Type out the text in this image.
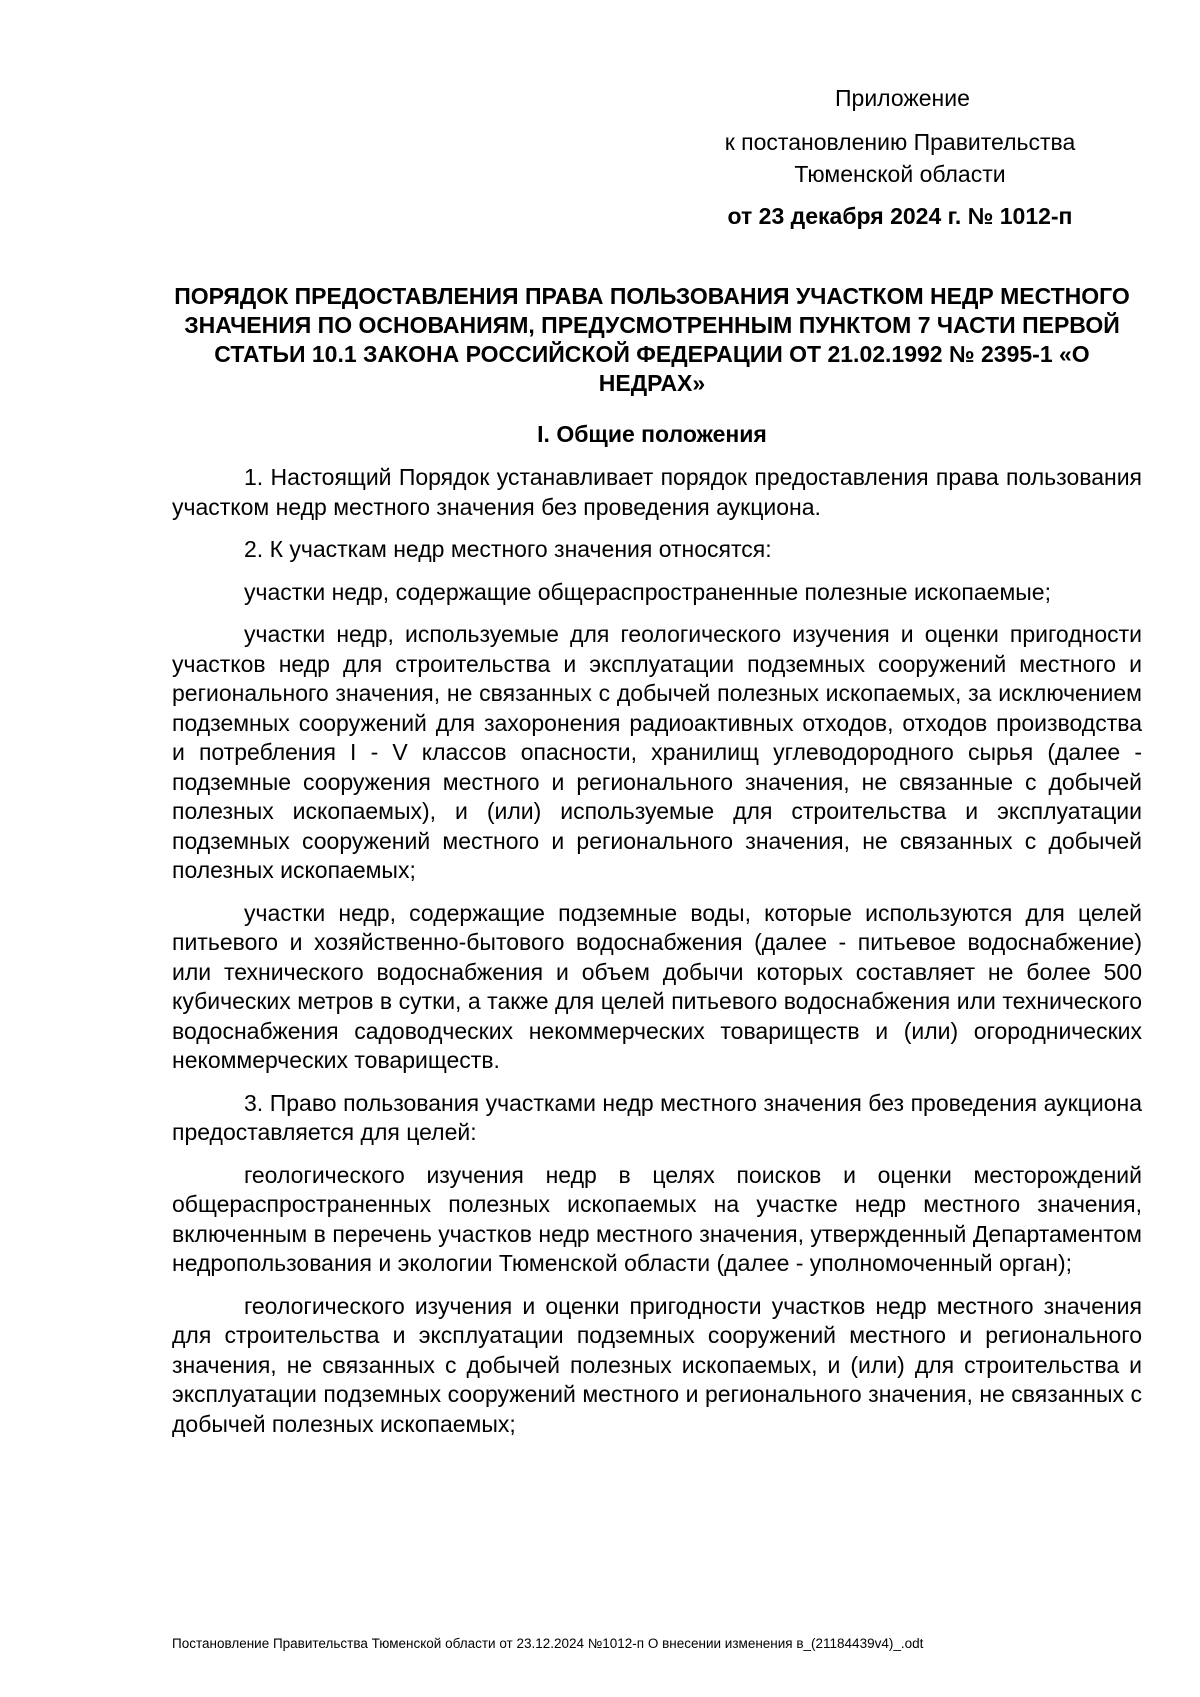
Приложение
к постановлению Правительства Тюменской области
от 23 декабря 2024 г. № 1012-п
ПОРЯДОК ПРЕДОСТАВЛЕНИЯ ПРАВА ПОЛЬЗОВАНИЯ УЧАСТКОМ НЕДР МЕСТНОГО ЗНАЧЕНИЯ ПО ОСНОВАНИЯМ, ПРЕДУСМОТРЕННЫМ ПУНКТОМ 7 ЧАСТИ ПЕРВОЙ СТАТЬИ 10.1 ЗАКОНА РОССИЙСКОЙ ФЕДЕРАЦИИ ОТ 21.02.1992 № 2395-1 «О НЕДРАХ»
I. Общие положения

1. Настоящий Порядок устанавливает порядок предоставления права пользования участком недр местного значения без проведения аукциона.

2. К участкам недр местного значения относятся:

участки недр, содержащие общераспространенные полезные ископаемые;

участки недр, используемые для геологического изучения и оценки пригодности участков недр для строительства и эксплуатации подземных сооружений местного и регионального значения, не связанных с добычей полезных ископаемых, за исключением подземных сооружений для захоронения радиоактивных отходов, отходов производства и потребления I - V классов опасности, хранилищ углеводородного сырья (далее - подземные сооружения местного и регионального значения, не связанные с добычей полезных ископаемых), и (или) используемые для строительства и эксплуатации подземных сооружений местного и регионального значения, не связанных с добычей полезных ископаемых;

участки недр, содержащие подземные воды, которые используются для целей питьевого и хозяйственно-бытового водоснабжения (далее - питьевое водоснабжение) или технического водоснабжения и объем добычи которых составляет не более 500 кубических метров в сутки, а также для целей питьевого водоснабжения или технического водоснабжения садоводческих некоммерческих товариществ и (или) огороднических некоммерческих товариществ.

3. Право пользования участками недр местного значения без проведения аукциона предоставляется для целей:

геологического изучения недр в целях поисков и оценки месторождений общераспространенных полезных ископаемых на участке недр местного значения, включенным в перечень участков недр местного значения, утвержденный Департаментом недропользования и экологии Тюменской области (далее - уполномоченный орган);

геологического изучения и оценки пригодности участков недр местного значения для строительства и эксплуатации подземных сооружений местного и регионального значения, не связанных с добычей полезных ископаемых, и (или) для строительства и эксплуатации подземных сооружений местного и регионального значения, не связанных с добычей полезных ископаемых;

Постановление Правительства Тюменской области от 23.12.2024 №1012-п О внесении изменения в_(21184439v4)_.odt
